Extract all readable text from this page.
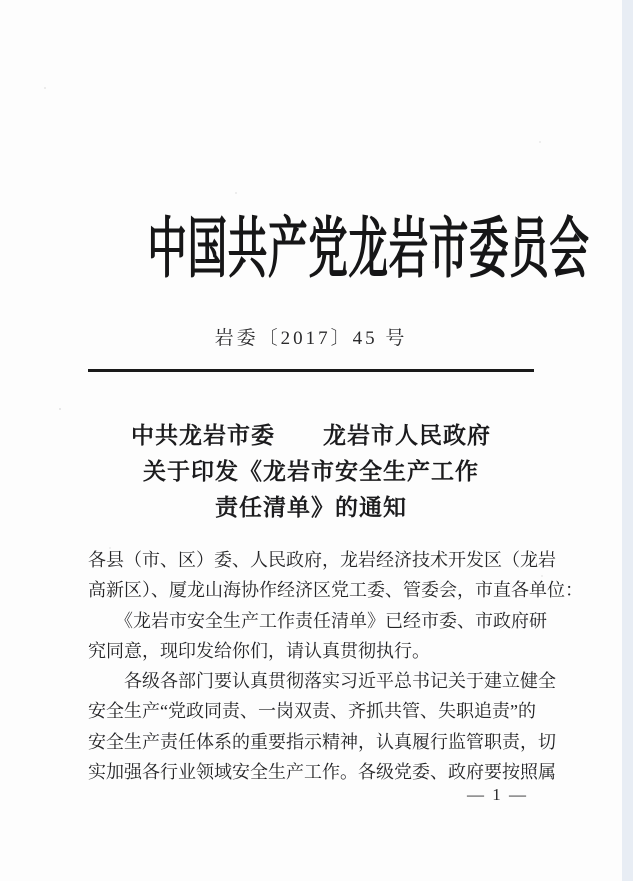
中国共产党龙岩市委员会
岩委〔2017〕45 号
中共龙岩市委　　龙岩市人民政府
关于印发《龙岩市安全生产工作
责任清单》的通知
各县（市、区）委、人民政府，龙岩经济技术开发区（龙岩
高新区）、厦龙山海协作经济区党工委、管委会，市直各单位：
　　《龙岩市安全生产工作责任清单》已经市委、市政府研
究同意，现印发给你们，请认真贯彻执行。
　　各级各部门要认真贯彻落实习近平总书记关于建立健全
安全生产“党政同责、一岗双责、齐抓共管、失职追责”的
安全生产责任体系的重要指示精神，认真履行监管职责，切
实加强各行业领域安全生产工作。各级党委、政府要按照属
— 1 —
